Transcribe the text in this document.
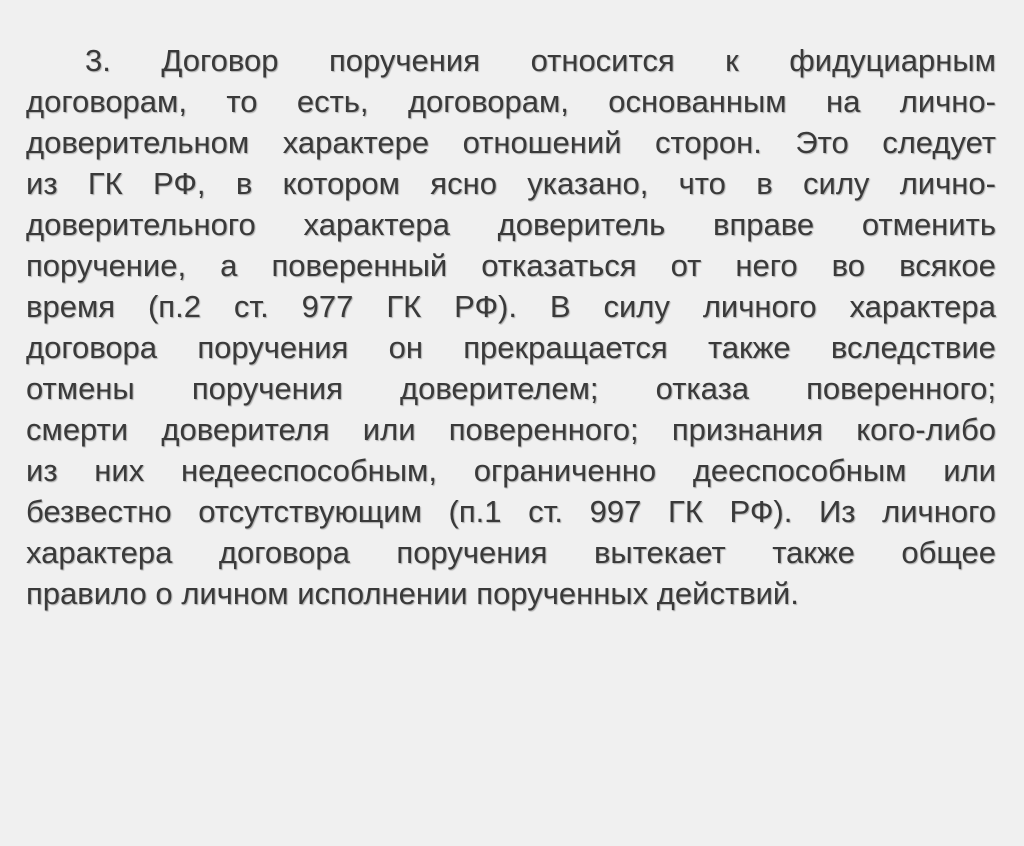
3. Договор поручения относится к фидуциарным
договорам, то есть, договорам, основанным на лично-
доверительном характере отношений сторон. Это следует
из ГК РФ, в котором ясно указано, что в силу лично-
доверительного характера доверитель вправе отменить
поручение, а поверенный отказаться от него во всякое
время (п.2 ст. 977 ГК РФ). В силу личного характера
договора поручения он прекращается также вследствие
отмены поручения доверителем; отказа поверенного;
смерти доверителя или поверенного; признания кого-либо
из них недееспособным, ограниченно дееспособным или
безвестно отсутствующим (п.1 ст. 997 ГК РФ). Из личного
характера договора поручения вытекает также общее
правило о личном исполнении порученных действий.
